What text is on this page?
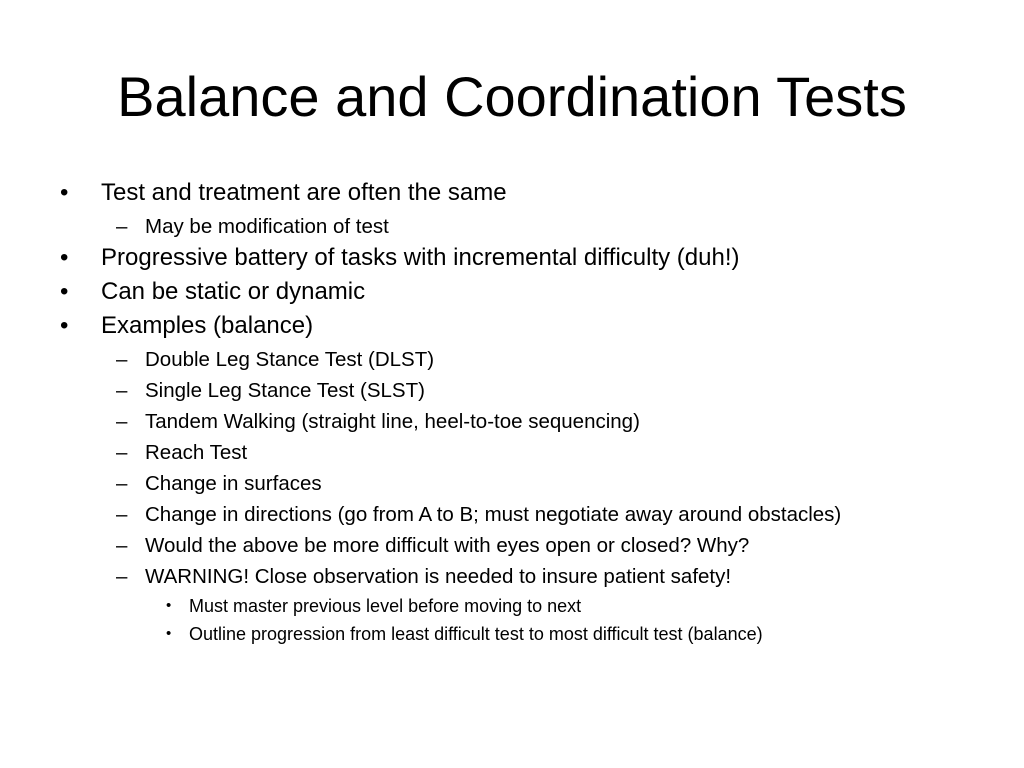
Balance and Coordination Tests
• Test and treatment are often the same
– May be modification of test
• Progressive battery of tasks with incremental difficulty (duh!)
• Can be static or dynamic
• Examples (balance)
– Double Leg Stance Test (DLST)
– Single Leg Stance Test (SLST)
– Tandem Walking (straight line, heel-to-toe sequencing)
– Reach Test
– Change in surfaces
– Change in directions (go from A to B; must negotiate away around obstacles)
– Would the above be more difficult with eyes open or closed? Why?
– WARNING! Close observation is needed to insure patient safety!
• Must master previous level before moving to next
• Outline progression from least difficult test to most difficult test (balance)
